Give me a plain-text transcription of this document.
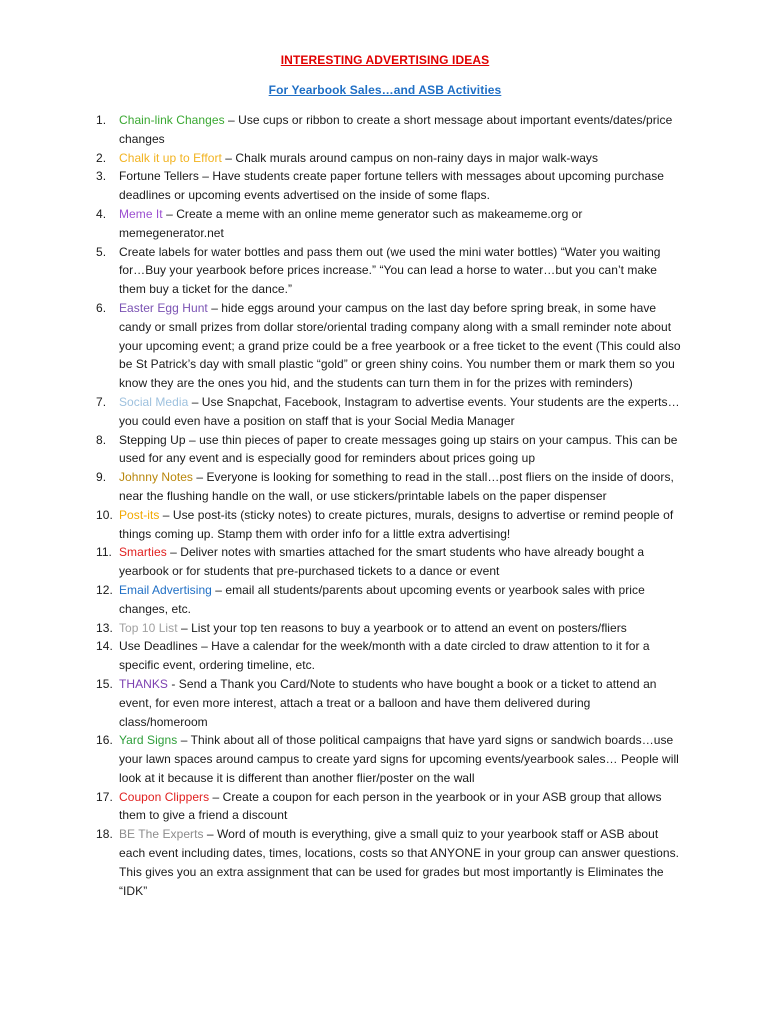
INTERESTING ADVERTISING IDEAS
For Yearbook Sales…and ASB Activities
1. Chain-link Changes – Use cups or ribbon to create a short message about important events/dates/price changes
2. Chalk it up to Effort – Chalk murals around campus on non-rainy days in major walk-ways
3. Fortune Tellers – Have students create paper fortune tellers with messages about upcoming purchase deadlines or upcoming events advertised on the inside of some flaps.
4. Meme It – Create a meme with an online meme generator such as makeameme.org or memegenerator.net
5. Create labels for water bottles and pass them out (we used the mini water bottles) “Water you waiting for…Buy your yearbook before prices increase.” “You can lead a horse to water…but you can’t make them buy a ticket for the dance.”
6. Easter Egg Hunt – hide eggs around your campus on the last day before spring break, in some have candy or small prizes from dollar store/oriental trading company along with a small reminder note about your upcoming event; a grand prize could be a free yearbook or a free ticket to the event (This could also be St Patrick’s day with small plastic “gold” or green shiny coins. You number them or mark them so you know they are the ones you hid, and the students can turn them in for the prizes with reminders)
7. Social Media – Use Snapchat, Facebook, Instagram to advertise events. Your students are the experts…you could even have a position on staff that is your Social Media Manager
8. Stepping Up – use thin pieces of paper to create messages going up stairs on your campus. This can be used for any event and is especially good for reminders about prices going up
9. Johnny Notes – Everyone is looking for something to read in the stall…post fliers on the inside of doors, near the flushing handle on the wall, or use stickers/printable labels on the paper dispenser
10. Post-its – Use post-its (sticky notes) to create pictures, murals, designs to advertise or remind people of things coming up. Stamp them with order info for a little extra advertising!
11. Smarties – Deliver notes with smarties attached for the smart students who have already bought a yearbook or for students that pre-purchased tickets to a dance or event
12. Email Advertising – email all students/parents about upcoming events or yearbook sales with price changes, etc.
13. Top 10 List – List your top ten reasons to buy a yearbook or to attend an event on posters/fliers
14. Use Deadlines – Have a calendar for the week/month with a date circled to draw attention to it for a specific event, ordering timeline, etc.
15. THANKS - Send a Thank you Card/Note to students who have bought a book or a ticket to attend an event, for even more interest, attach a treat or a balloon and have them delivered during class/homeroom
16. Yard Signs – Think about all of those political campaigns that have yard signs or sandwich boards…use your lawn spaces around campus to create yard signs for upcoming events/yearbook sales… People will look at it because it is different than another flier/poster on the wall
17. Coupon Clippers – Create a coupon for each person in the yearbook or in your ASB group that allows them to give a friend a discount
18. BE The Experts – Word of mouth is everything, give a small quiz to your yearbook staff or ASB about each event including dates, times, locations, costs so that ANYONE in your group can answer questions. This gives you an extra assignment that can be used for grades but most importantly is Eliminates the “IDK”
